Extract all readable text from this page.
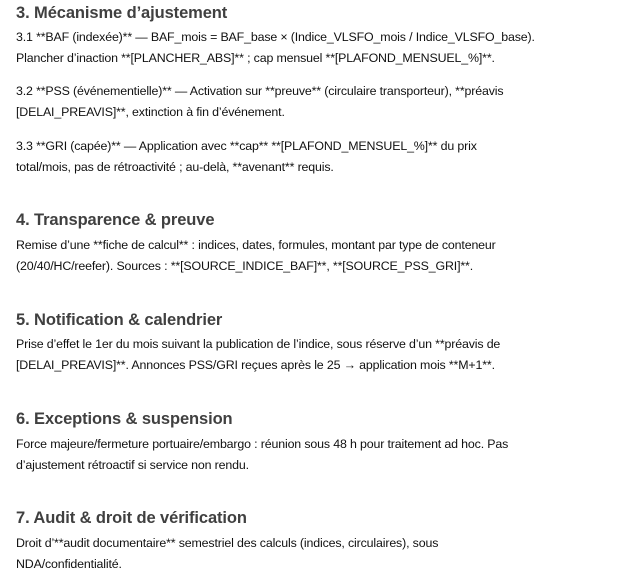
3. Mécanisme d’ajustement
3.1 **BAF (indexée)** — BAF_mois = BAF_base × (Indice_VLSFO_mois / Indice_VLSFO_base).
Plancher d’inaction **[PLANCHER_ABS]** ; cap mensuel **[PLAFOND_MENSUEL_%]**.
3.2 **PSS (événementielle)** — Activation sur **preuve** (circulaire transporteur), **préavis
[DELAI_PREAVIS]**, extinction à fin d’événement.
3.3 **GRI (capée)** — Application avec **cap** **[PLAFOND_MENSUEL_%]** du prix
total/mois, pas de rétroactivité ; au-delà, **avenant** requis.
4. Transparence & preuve
Remise d’une **fiche de calcul** : indices, dates, formules, montant par type de conteneur
(20/40/HC/reefer). Sources : **[SOURCE_INDICE_BAF]**, **[SOURCE_PSS_GRI]**.
5. Notification & calendrier
Prise d’effet le 1er du mois suivant la publication de l’indice, sous réserve d’un **préavis de
[DELAI_PREAVIS]**. Annonces PSS/GRI reçues après le 25 → application mois **M+1**.
6. Exceptions & suspension
Force majeure/fermeture portuaire/embargo : réunion sous 48 h pour traitement ad hoc. Pas
d’ajustement rétroactif si service non rendu.
7. Audit & droit de vérification
Droit d’**audit documentaire** semestriel des calculs (indices, circulaires), sous
NDA/confidentialité.
